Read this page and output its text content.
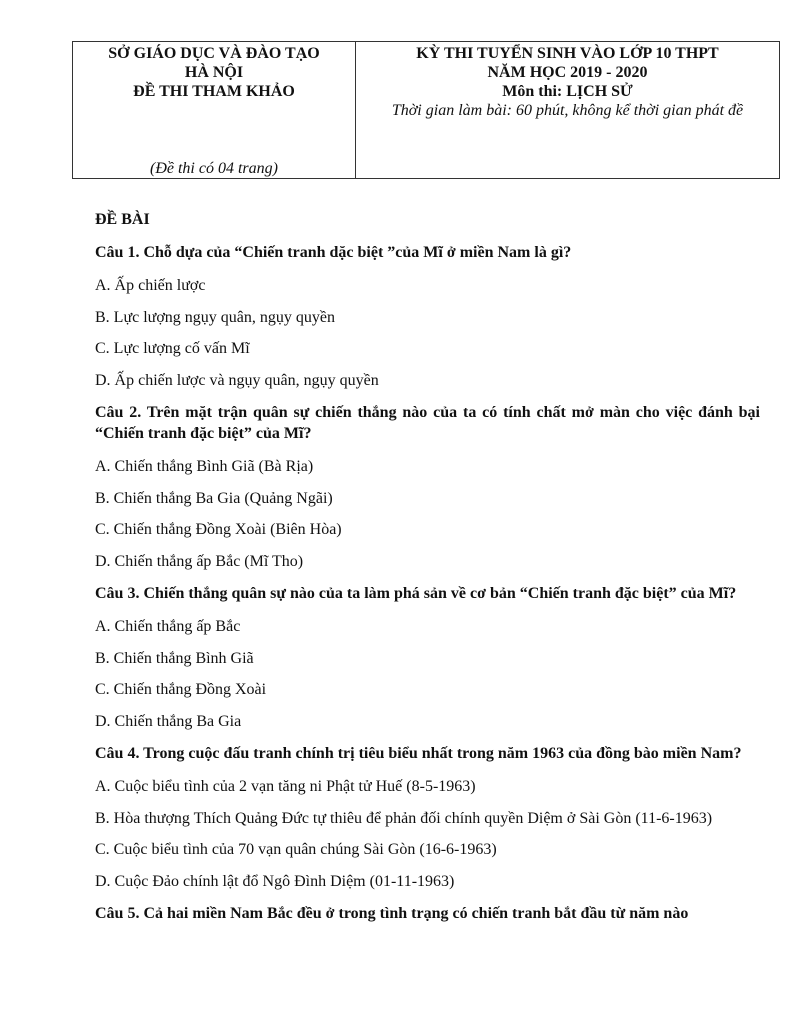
SỞ GIÁO DỤC VÀ ĐÀO TẠO
HÀ NỘI
ĐỀ THI THAM KHẢO
(Đề thi có 04 trang)
KỲ THI TUYỂN SINH VÀO LỚP 10 THPT
NĂM HỌC 2019 - 2020
Môn thi: LỊCH SỬ
Thời gian làm bài: 60 phút, không kể thời gian phát đề
ĐỀ BÀI
Câu 1. Chỗ dựa của “Chiến tranh dặc biệt ”của Mĩ ở miền Nam là gì?
A. Ấp chiến lược
B. Lực lượng ngụy quân, ngụy quyền
C. Lực lượng cố vấn Mĩ
D. Ấp chiến lược và ngụy quân, ngụy quyền
Câu 2. Trên mặt trận quân sự chiến thắng nào của ta có tính chất mở màn cho việc đánh bại “Chiến tranh đặc biệt” của Mĩ?
A. Chiến thắng Bình Giã (Bà Rịa)
B. Chiến thắng Ba Gia (Quảng Ngãi)
C. Chiến thắng Đồng Xoài (Biên Hòa)
D. Chiến thắng ấp Bắc (Mĩ Tho)
Câu 3. Chiến thắng quân sự nào của ta làm phá sản về cơ bản “Chiến tranh đặc biệt” của Mĩ?
A. Chiến thắng ấp Bắc
B. Chiến thắng Bình Giã
C. Chiến thắng Đồng Xoài
D. Chiến thắng Ba Gia
Câu 4. Trong cuộc đấu tranh chính trị tiêu biểu nhất trong năm 1963 của đồng bào miền Nam?
A. Cuộc biểu tình của 2 vạn tăng ni Phật tử Huế (8-5-1963)
B. Hòa thượng Thích Quảng Đức tự thiêu để phản đối chính quyền Diệm ở Sài Gòn (11-6-1963)
C. Cuộc biểu tình của 70 vạn quân chúng Sài Gòn (16-6-1963)
D. Cuộc Đảo chính lật đổ Ngô Đình Diệm (01-11-1963)
Câu 5. Cả hai miền Nam Bắc đều ở trong tình trạng có chiến tranh bắt đầu từ năm nào
